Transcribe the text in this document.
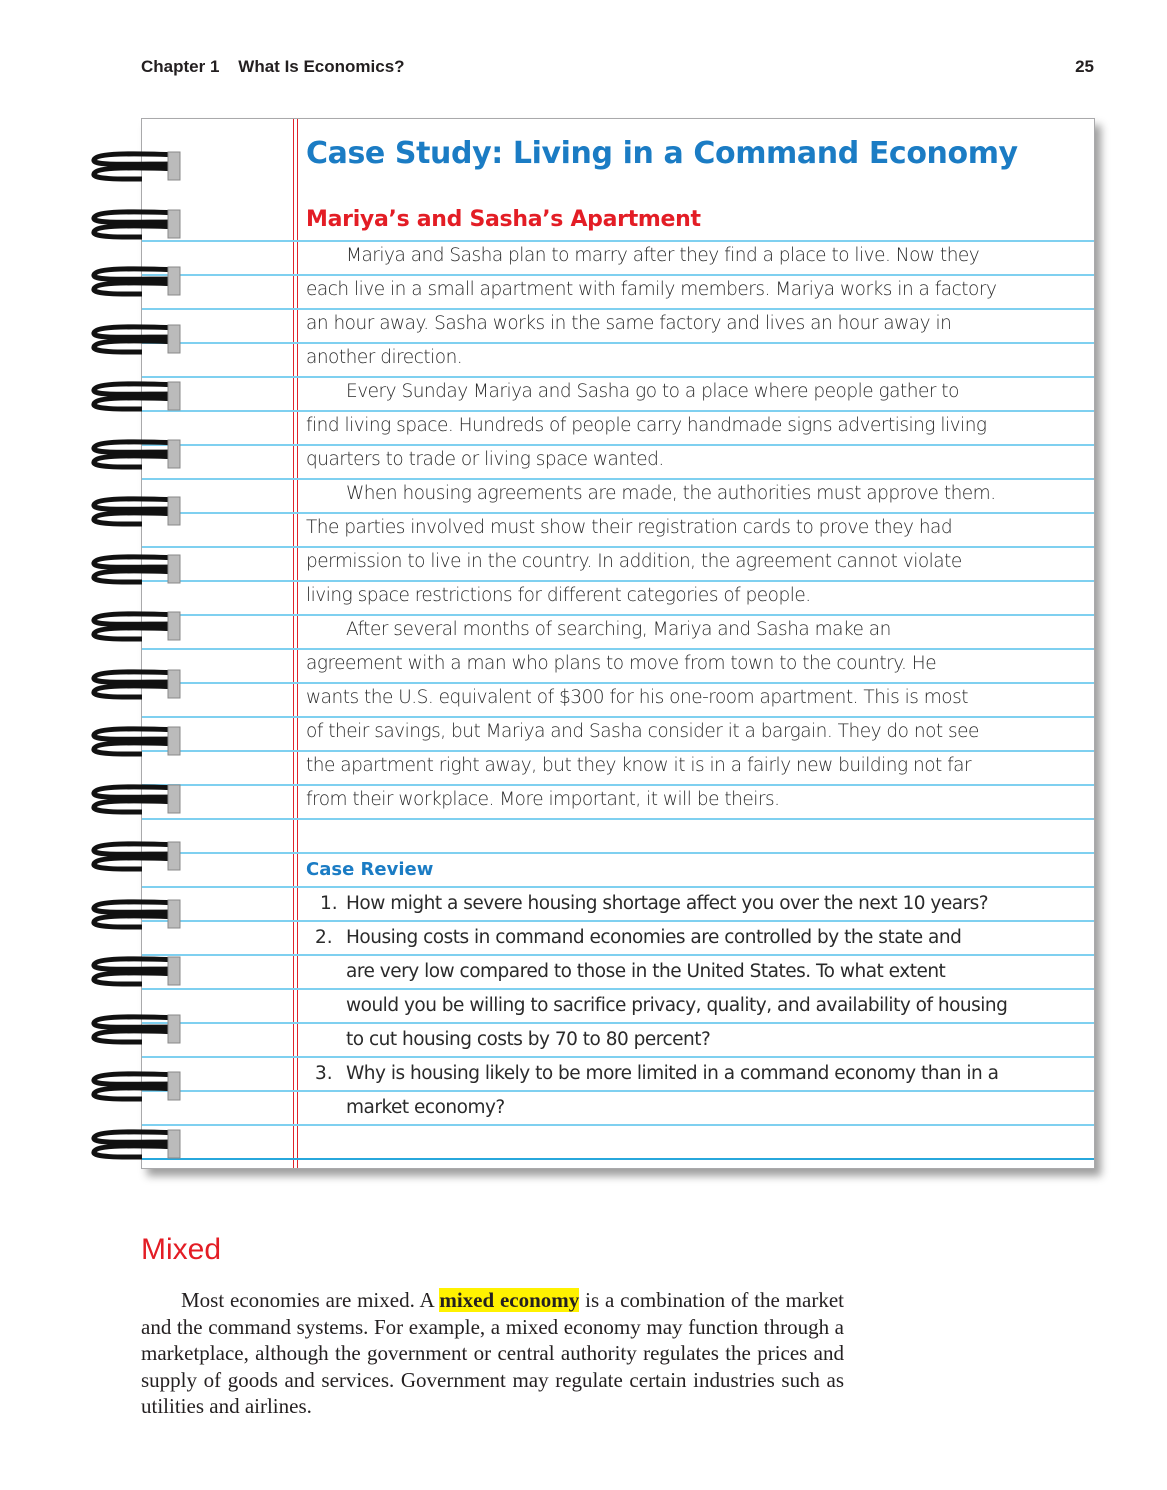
Chapter 1    What Is Economics?	25
Case Study: Living in a Command Economy
Mariya’s and Sasha’s Apartment
Mariya and Sasha plan to marry after they find a place to live. Now they
each live in a small apartment with family members. Mariya works in a factory
an hour away. Sasha works in the same factory and lives an hour away in
another direction.
Every Sunday Mariya and Sasha go to a place where people gather to
find living space. Hundreds of people carry handmade signs advertising living
quarters to trade or living space wanted.
When housing agreements are made, the authorities must approve them.
The parties involved must show their registration cards to prove they had
permission to live in the country. In addition, the agreement cannot violate
living space restrictions for different categories of people.
After several months of searching, Mariya and Sasha make an
agreement with a man who plans to move from town to the country. He
wants the U.S. equivalent of $300 for his one-room apartment. This is most
of their savings, but Mariya and Sasha consider it a bargain. They do not see
the apartment right away, but they know it is in a fairly new building not far
from their workplace. More important, it will be theirs.
Case Review
1. How might a severe housing shortage affect you over the next 10 years?
2. Housing costs in command economies are controlled by the state and
are very low compared to those in the United States. To what extent
would you be willing to sacrifice privacy, quality, and availability of housing
to cut housing costs by 70 to 80 percent?
3. Why is housing likely to be more limited in a command economy than in a
market economy?
Mixed
Most economies are mixed. A mixed economy is a combination of the market and the command systems. For example, a mixed economy may function through a marketplace, although the government or central authority regulates the prices and supply of goods and services. Government may regulate certain industries such as utilities and airlines.
